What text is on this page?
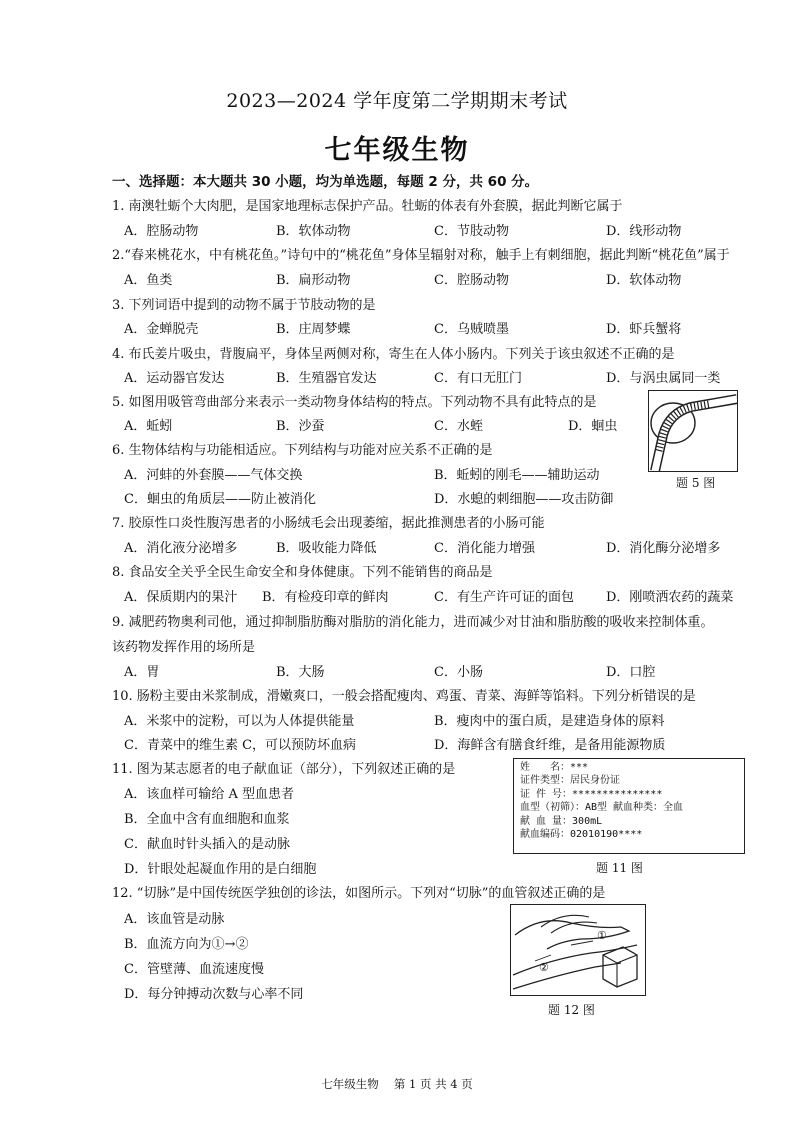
2023—2024 学年度第二学期期末考试
七年级生物
一、选择题：本大题共 30 小题，均为单选题，每题 2 分，共 60 分。
1. 南澳牡蛎个大肉肥，是国家地理标志保护产品。牡蛎的体表有外套膜，据此判断它属于
A．腔肠动物	B．软体动物	C．节肢动物	D．线形动物
2.“春来桃花水，中有桃花鱼。”诗句中的“桃花鱼”身体呈辐射对称，触手上有刺细胞，据此判断“桃花鱼”属于
A．鱼类	B．扁形动物	C．腔肠动物	D．软体动物
3. 下列词语中提到的动物不属于节肢动物的是
A．金蝉脱壳	B．庄周梦蝶	C．乌贼喷墨	D．虾兵蟹将
4. 布氏姜片吸虫，背腹扁平，身体呈两侧对称，寄生在人体小肠内。下列关于该虫叙述不正确的是
A．运动器官发达	B．生殖器官发达	C．有口无肛门	D．与涡虫属同一类
5. 如图用吸管弯曲部分来表示一类动物身体结构的特点。下列动物不具有此特点的是
A．蚯蚓	B．沙蚕	C．水蛭	D．蛔虫
题 5 图
6. 生物体结构与功能相适应。下列结构与功能对应关系不正确的是
A．河蚌的外套膜——气体交换	B．蚯蚓的刚毛——辅助运动
C．蛔虫的角质层——防止被消化	D．水螅的刺细胞——攻击防御
7. 胶原性口炎性腹泻患者的小肠绒毛会出现萎缩，据此推测患者的小肠可能
A．消化液分泌增多	B．吸收能力降低	C．消化能力增强	D．消化酶分泌增多
8. 食品安全关乎全民生命安全和身体健康。下列不能销售的商品是
A．保质期内的果汁 B．有检疫印章的鲜肉	C．有生产许可证的面包 D．刚喷洒农药的蔬菜
9. 减肥药物奥利司他，通过抑制脂肪酶对脂肪的消化能力，进而减少对甘油和脂肪酸的吸收来控制体重。
该药物发挥作用的场所是
A．胃	B．大肠	C．小肠	D．口腔
10. 肠粉主要由米浆制成，滑嫩爽口，一般会搭配瘦肉、鸡蛋、青菜、海鲜等馅料。下列分析错误的是
A．米浆中的淀粉，可以为人体提供能量	B．瘦肉中的蛋白质，是建造身体的原料
C．青菜中的维生素 C，可以预防坏血病	D．海鲜含有膳食纤维，是备用能源物质
11. 图为某志愿者的电子献血证（部分），下列叙述正确的是
A．该血样可输给 A 型血患者
B．全血中含有血细胞和血浆
C．献血时针头插入的是动脉
D．针眼处起凝血作用的是白细胞
姓　　名：***
证件类型：居民身份证
证 件 号：***************
血型（初筛）：AB型 献血种类：全血
献 血 量：300mL
献血编码：02010190****
题 11 图
12. “切脉”是中国传统医学独创的诊法，如图所示。下列对“切脉”的血管叙述正确的是
A．该血管是动脉
B．血流方向为①→②
C．管壁薄、血流速度慢
D．每分钟搏动次数与心率不同
①
②
题 12 图
七年级生物　 第 1 页 共 4 页
